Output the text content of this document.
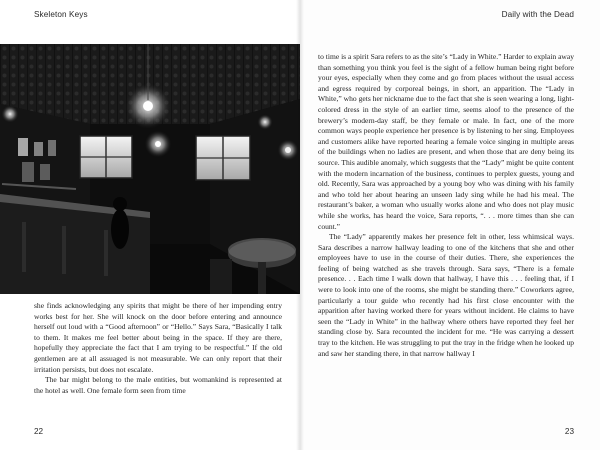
Skeleton Keys

she finds acknowledging any spirits that might be there of her impending entry works best for her. She will knock on the door before entering and announce herself out loud with a “Good afternoon” or “Hello.” Says Sara, “Basically I talk to them. It makes me feel better about being in the space. If they are there, hopefully they appreciate the fact that I am trying to be respectful.” If the old gentlemen are at all assuaged is not measurable. We can only report that their irritation persists, but does not escalate.

The bar might belong to the male entities, but womankind is represented at the hotel as well. One female form seen from time

22
Daily with the Dead

to time is a spirit Sara refers to as the site’s “Lady in White.” Harder to explain away than something you think you feel is the sight of a fellow human being right before your eyes, especially when they come and go from places without the usual access and egress required by corporeal beings, in short, an apparition. The “Lady in White,” who gets her nickname due to the fact that she is seen wearing a long, light-colored dress in the style of an earlier time, seems aloof to the presence of the brewery’s modern-day staff, be they female or male. In fact, one of the more common ways people experience her presence is by listening to her sing. Employees and customers alike have reported hearing a female voice singing in multiple areas of the buildings when no ladies are present, and when those that are deny being its source. This audible anomaly, which suggests that the “Lady” might be quite content with the modern incarnation of the business, continues to perplex guests, young and old. Recently, Sara was approached by a young boy who was dining with his family and who told her about hearing an unseen lady sing while he had his meal. The restaurant’s baker, a woman who usually works alone and who does not play music while she works, has heard the voice, Sara reports, “. . . more times than she can count.”

The “Lady” apparently makes her presence felt in other, less whimsical ways. Sara describes a narrow hallway leading to one of the kitchens that she and other employees have to use in the course of their duties. There, she experiences the feeling of being watched as she travels through. Sara says, “There is a female presence. . . Each time I walk down that hallway, I have this . . . feeling that, if I were to look into one of the rooms, she might be standing there.” Coworkers agree, particularly a tour guide who recently had his first close encounter with the apparition after having worked there for years without incident. He claims to have seen the “Lady in White” in the hallway where others have reported they feel her standing close by. Sara recounted the incident for me. “He was carrying a dessert tray to the kitchen. He was struggling to put the tray in the fridge when he looked up and saw her standing there, in that narrow hallway I

23
